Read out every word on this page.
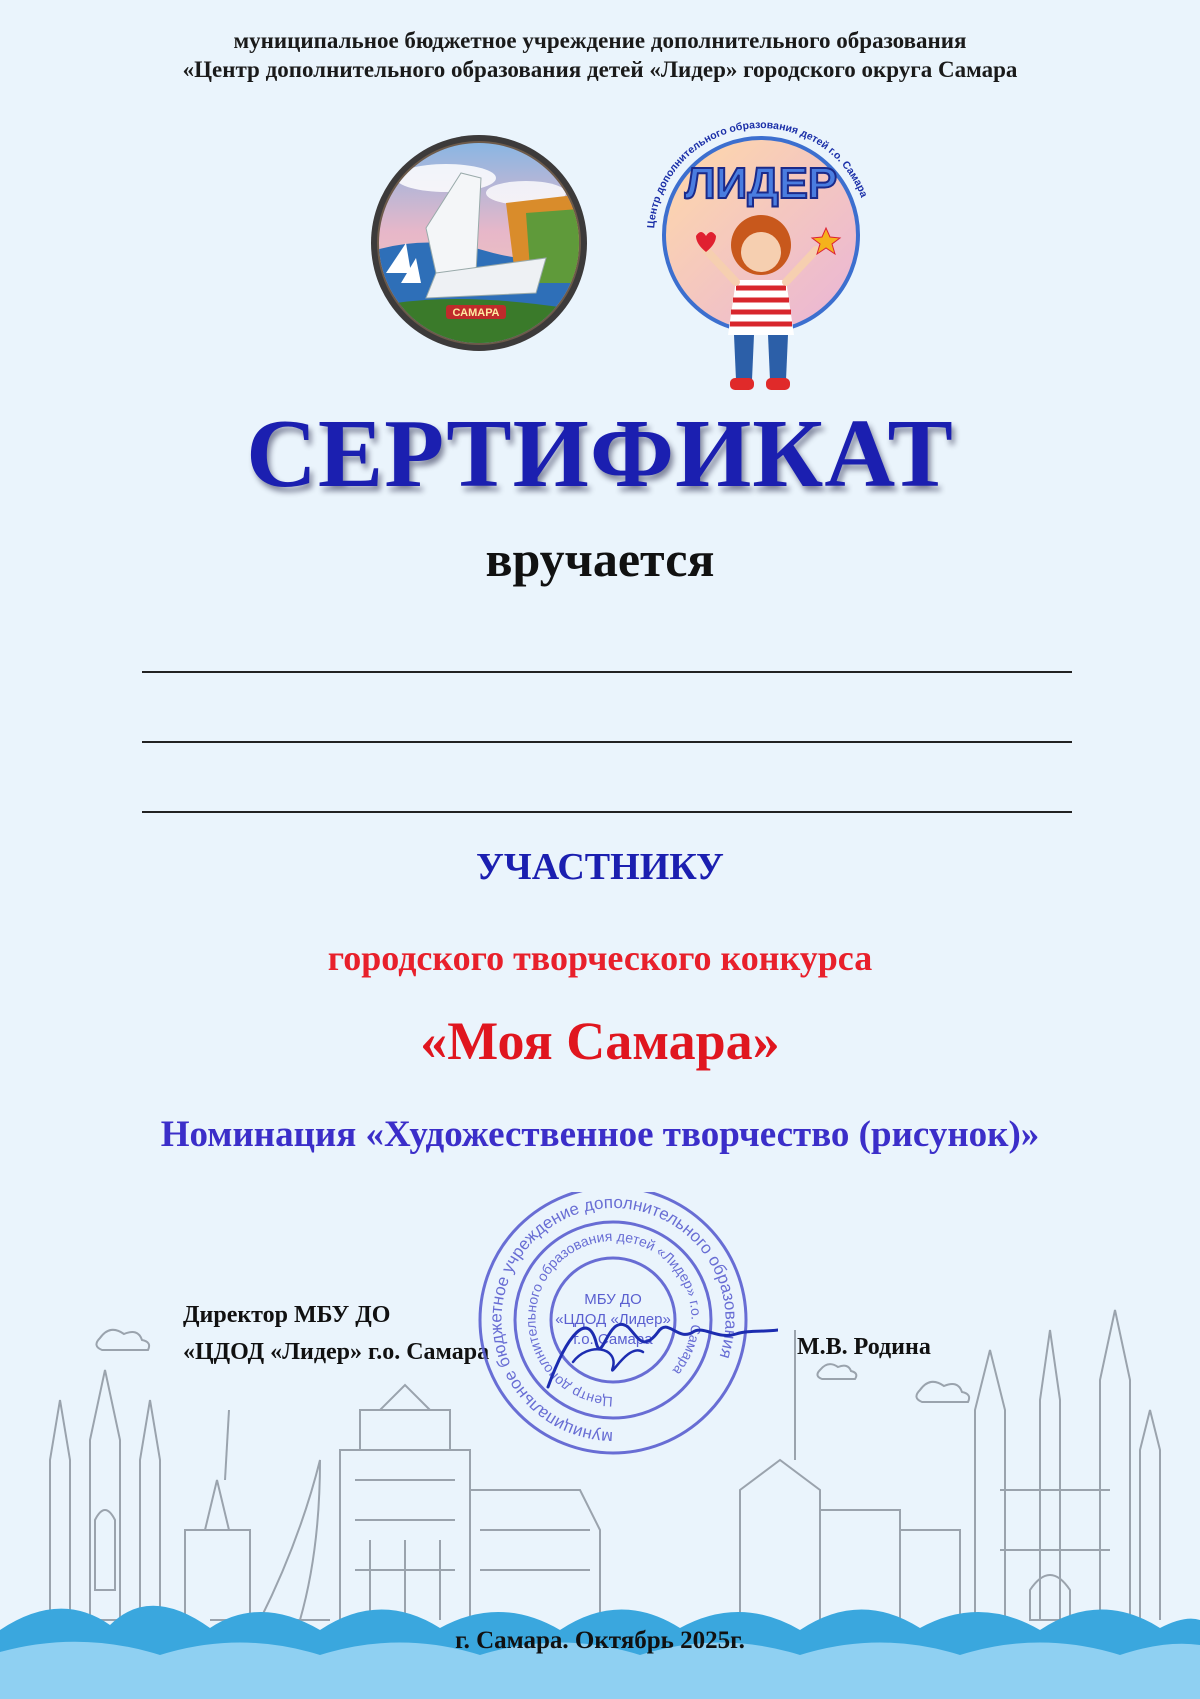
муниципальное бюджетное учреждение дополнительного образования
«Центр дополнительного образования детей «Лидер» городского округа Самара
САМАРА
Центр дополнительного образования детей г.о. Самара
ЛИДЕР
СЕРТИФИКАТ
вручается
УЧАСТНИКУ
городского творческого конкурса
«Моя Самара»
Номинация «Художественное творчество (рисунок)»
Директор МБУ ДО
«ЦДОД «Лидер» г.о. Самара	М.В. Родина
муниципальное бюджетное учреждение дополнительного образования
Центр дополнительного образования детей «Лидер» г.о. Самара
МБУ ДО
«ЦДОД «Лидер»
г.о. Самара
г. Самара. Октябрь 2025г.
